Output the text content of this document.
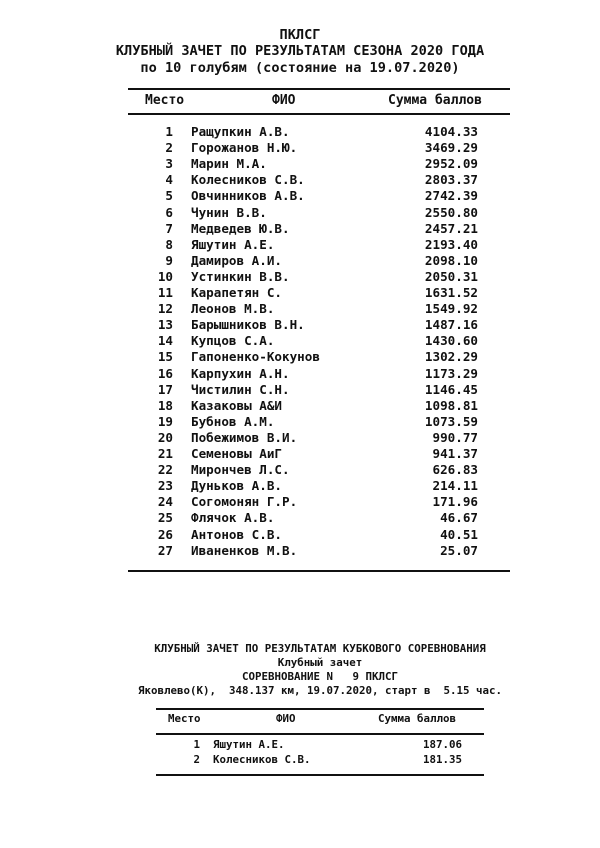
ПКЛСГ
КЛУБНЫЙ ЗАЧЕТ ПО РЕЗУЛЬТАТАМ СЕЗОНА 2020 ГОДА
по 10 голубям (состояние на 19.07.2020)
Место	ФИО	Сумма баллов
1 Ращупкин А.В.	4104.33
2 Горожанов Н.Ю.	3469.29
3 Марин М.А.	2952.09
4 Колесников С.В.	2803.37
5 Овчинников А.В.	2742.39
6 Чунин В.В.	2550.80
7 Медведев Ю.В.	2457.21
8 Яшутин А.Е.	2193.40
9 Дамиров А.И.	2098.10
10 Устинкин В.В.	2050.31
11 Карапетян С.	1631.52
12 Леонов М.В.	1549.92
13 Барышников В.Н.	1487.16
14 Купцов С.А.	1430.60
15 Гапоненко-Кокунов	1302.29
16 Карпухин А.Н.	1173.29
17 Чистилин С.Н.	1146.45
18 Казаковы А&И	1098.81
19 Бубнов А.М.	1073.59
20 Побежимов В.И.	990.77
21 Семеновы АиГ	941.37
22 Мирончев Л.С.	626.83
23 Дуньков А.В.	214.11
24 Согомонян Г.Р.	171.96
25 Флячок А.В.	46.67
26 Антонов С.В.	40.51
27 Иваненков М.В.	25.07
КЛУБНЫЙ ЗАЧЕТ ПО РЕЗУЛЬТАТАМ КУБКОВОГО СОРЕВНОВАНИЯ
Клубный зачет
СОРЕВНОВАНИЕ N   9 ПКЛСГ
Яковлево(К),  348.137 км, 19.07.2020, старт в  5.15 час.
Место	ФИО	Сумма баллов
1 Яшутин А.Е.	187.06
2 Колесников С.В.	181.35
